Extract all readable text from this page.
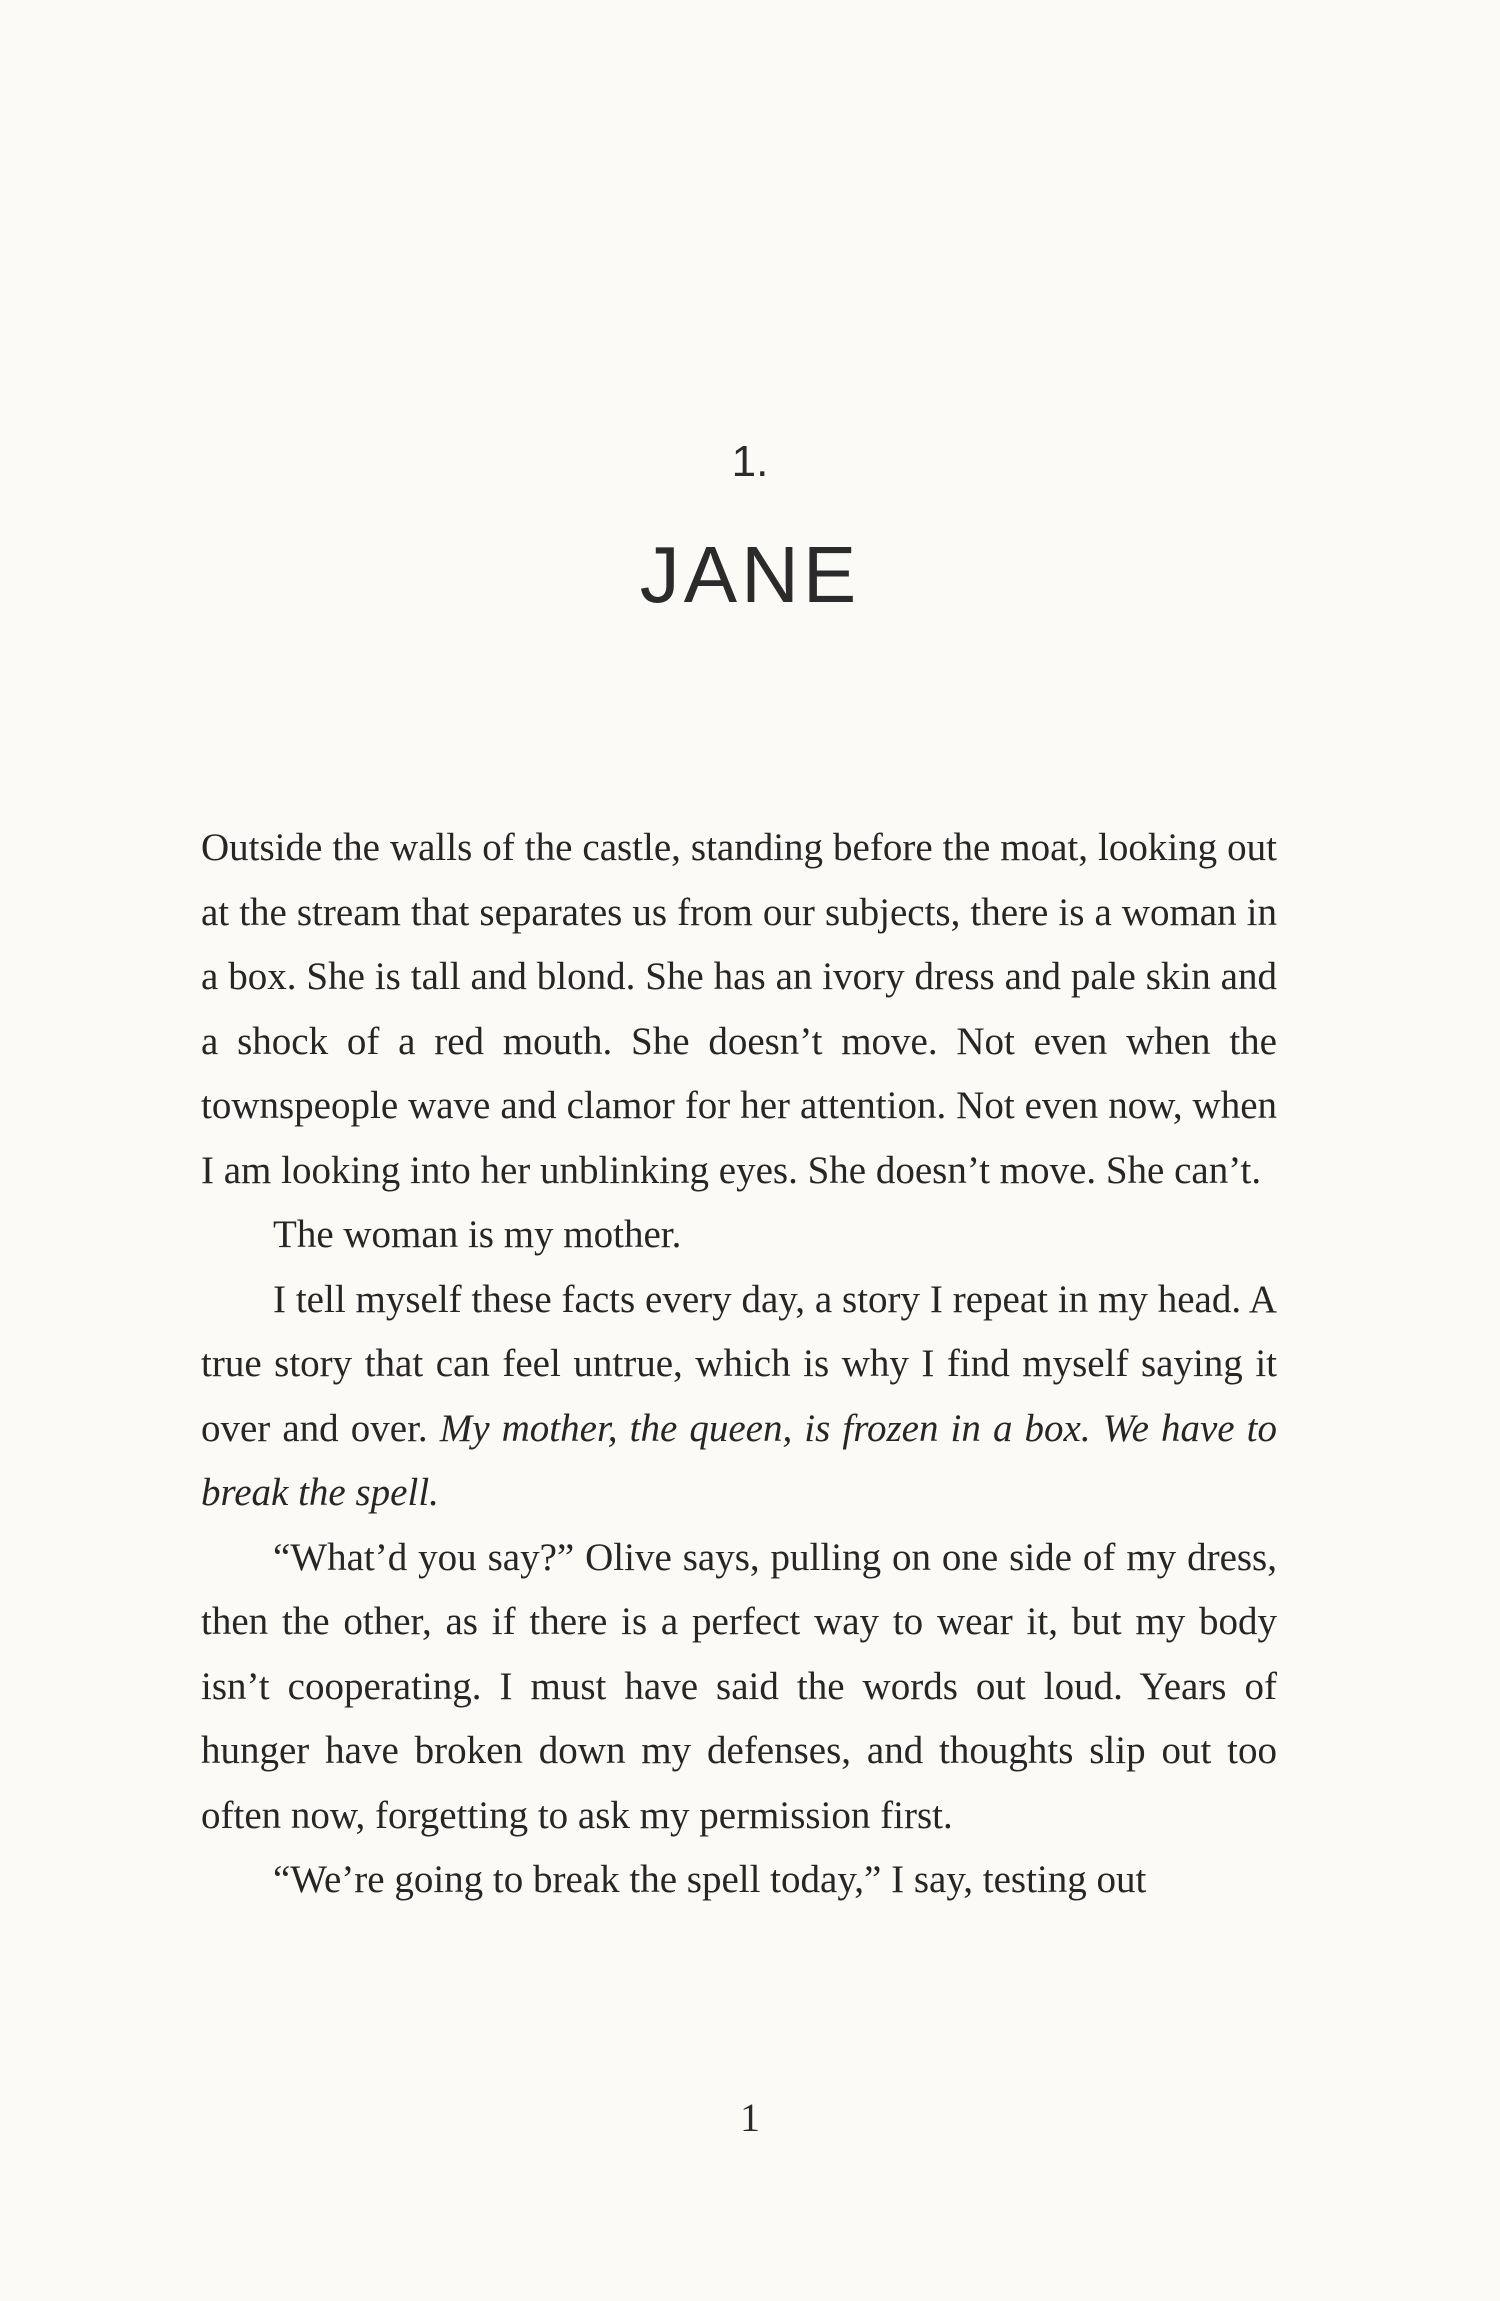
1.
JANE

Outside the walls of the castle, standing before the moat, looking out at the stream that separates us from our subjects, there is a woman in a box. She is tall and blond. She has an ivory dress and pale skin and a shock of a red mouth. She doesn’t move. Not even when the townspeople wave and clamor for her attention. Not even now, when I am looking into her unblinking eyes. She doesn’t move. She can’t.

The woman is my mother.

I tell myself these facts every day, a story I repeat in my head. A true story that can feel untrue, which is why I find myself saying it over and over. My mother, the queen, is frozen in a box. We have to break the spell.

“What’d you say?” Olive says, pulling on one side of my dress, then the other, as if there is a perfect way to wear it, but my body isn’t cooperating. I must have said the words out loud. Years of hunger have broken down my defenses, and thoughts slip out too often now, forgetting to ask my permission first.

“We’re going to break the spell today,” I say, testing out

1
